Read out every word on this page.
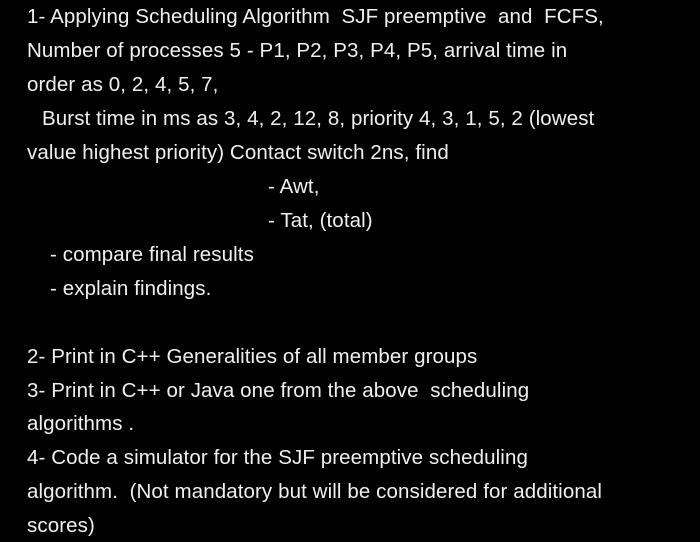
1- Applying Scheduling Algorithm  SJF preemptive  and  FCFS,
Number of processes 5 - P1, P2, P3, P4, P5, arrival time in
order as 0, 2, 4, 5, 7,
Burst time in ms as 3, 4, 2, 12, 8, priority 4, 3, 1, 5, 2 (lowest
value highest priority) Contact switch 2ns, find
- Awt,
- Tat, (total)
- compare final results
- explain findings.
2- Print in C++ Generalities of all member groups
3- Print in C++ or Java one from the above  scheduling
algorithms .
4- Code a simulator for the SJF preemptive scheduling
algorithm.  (Not mandatory but will be considered for additional
scores)
